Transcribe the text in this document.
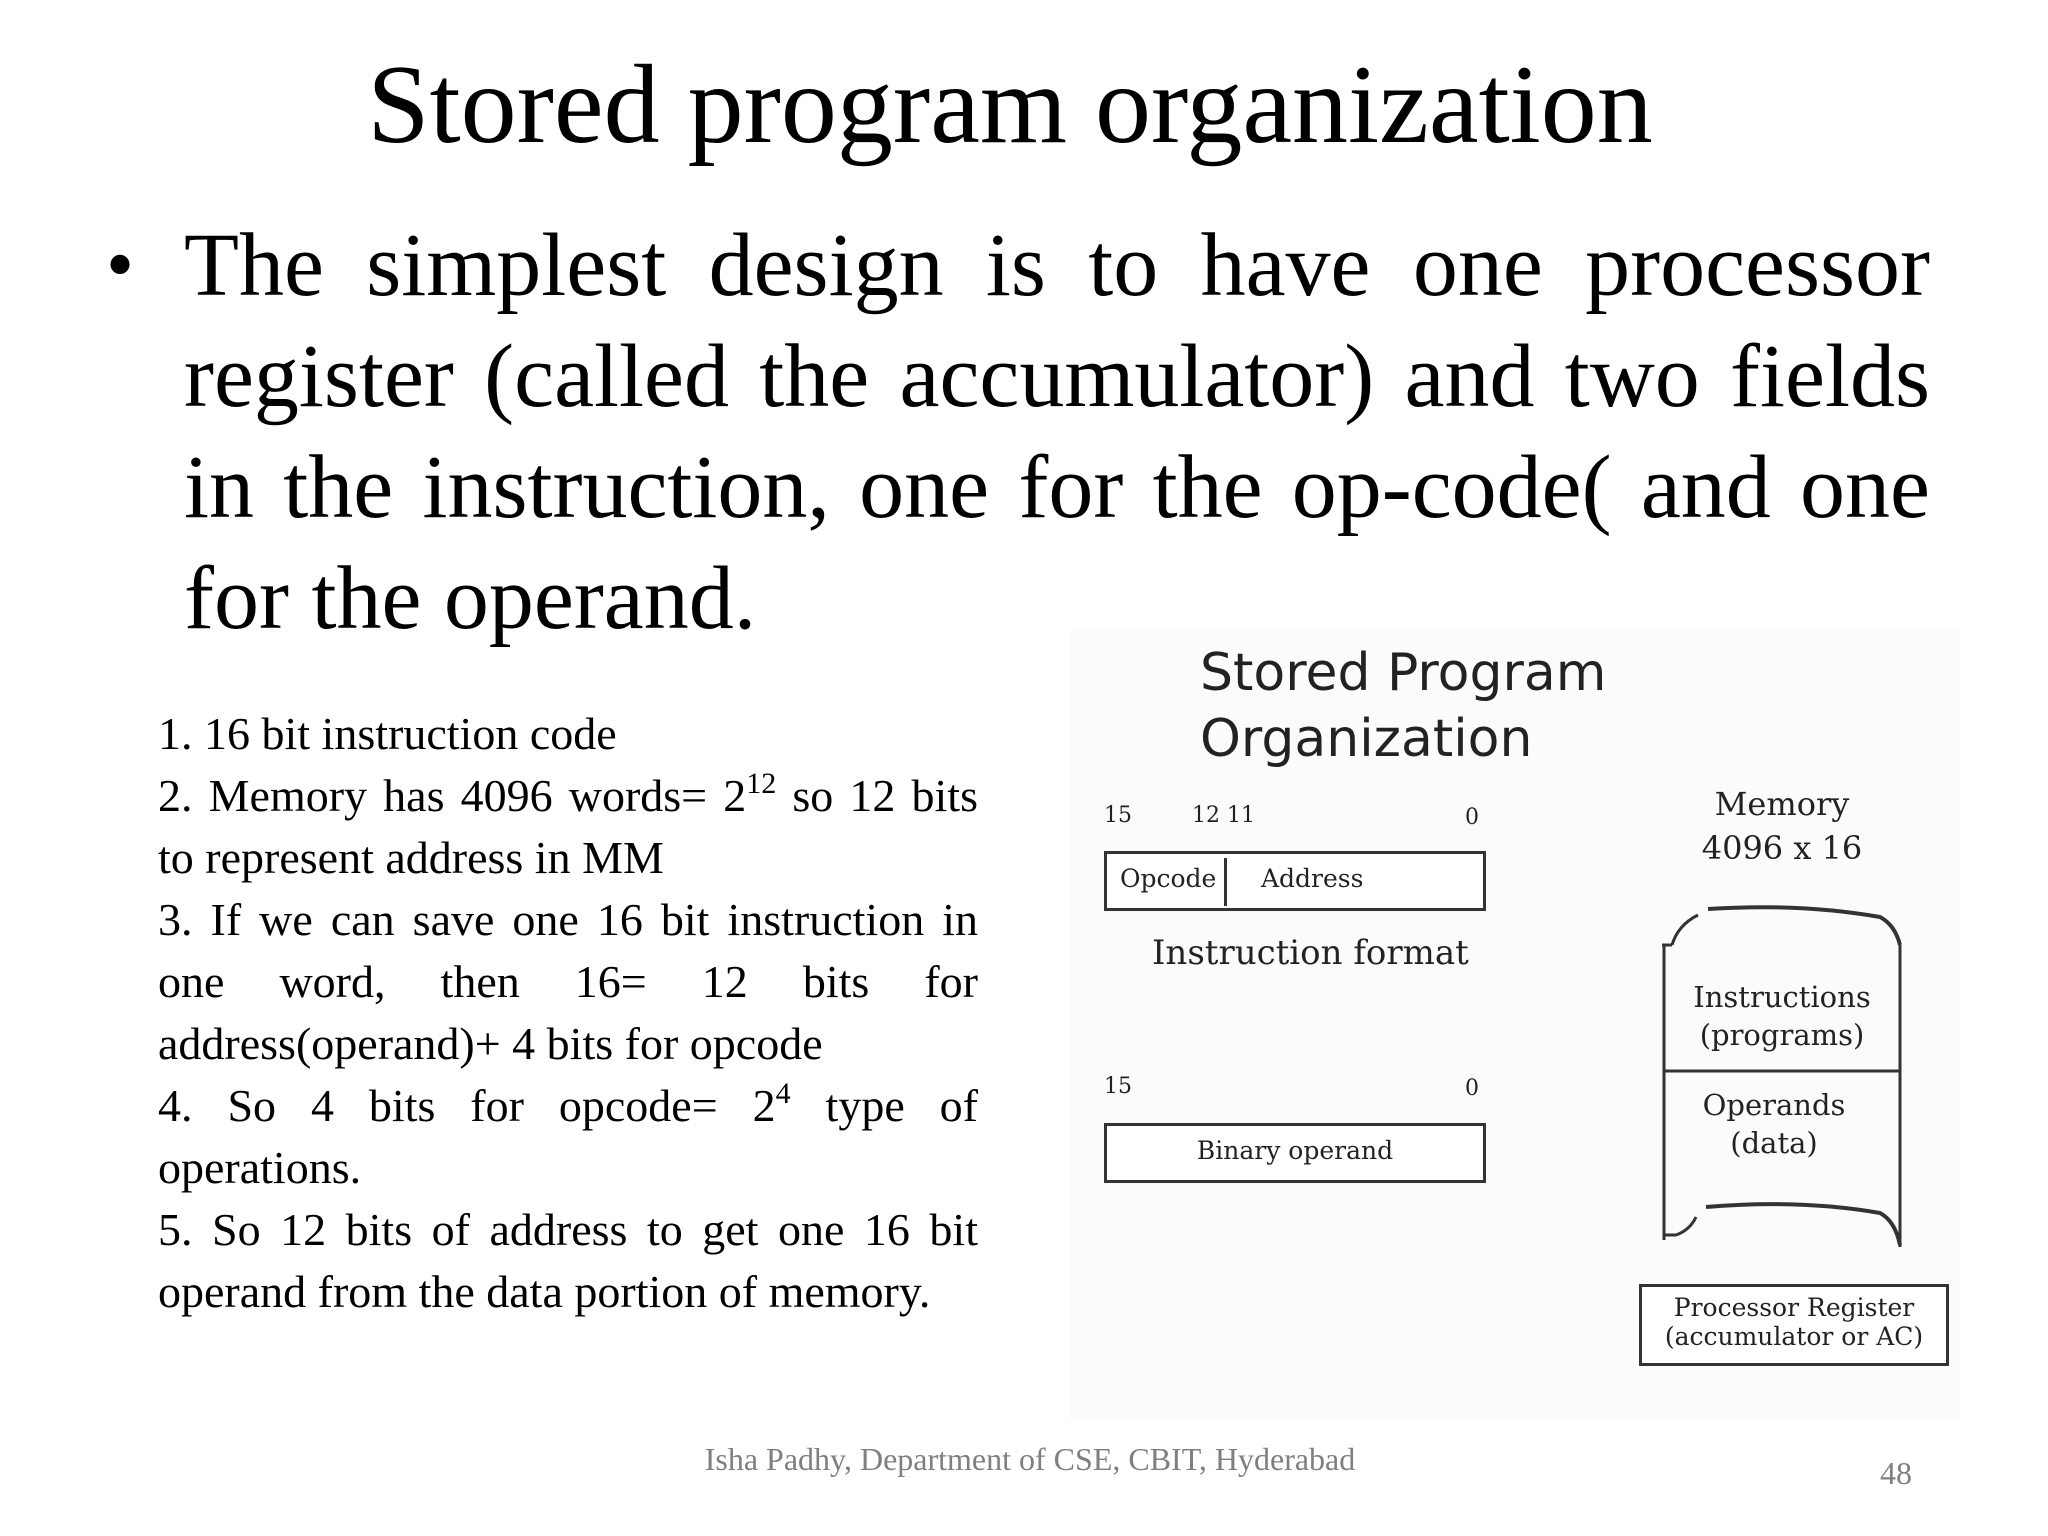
Stored program organization
• The simplest design is to have one processor register (called the accumulator) and two fields in the instruction, one for the op-code( and one for the operand.
1. 16 bit instruction code
2. Memory has 4096 words= $2^{12}$ so 12 bits to represent address in MM
3. If we can save one 16 bit instruction in one word, then 16= 12 bits for address(operand)+ 4 bits for opcode
4. So 4 bits for opcode= $2^4$ type of operations.
5. So 12 bits of address to get one 16 bit operand from the data portion of memory.
Stored Program Organization
15	12 11	0
Opcode Address
Instruction format
15	0
Binary operand
Memory
4096 x 16
Instructions
(programs)
Operands
(data)
Processor Register
(accumulator or AC)
Isha Padhy, Department of CSE, CBIT, Hyderabad	48
